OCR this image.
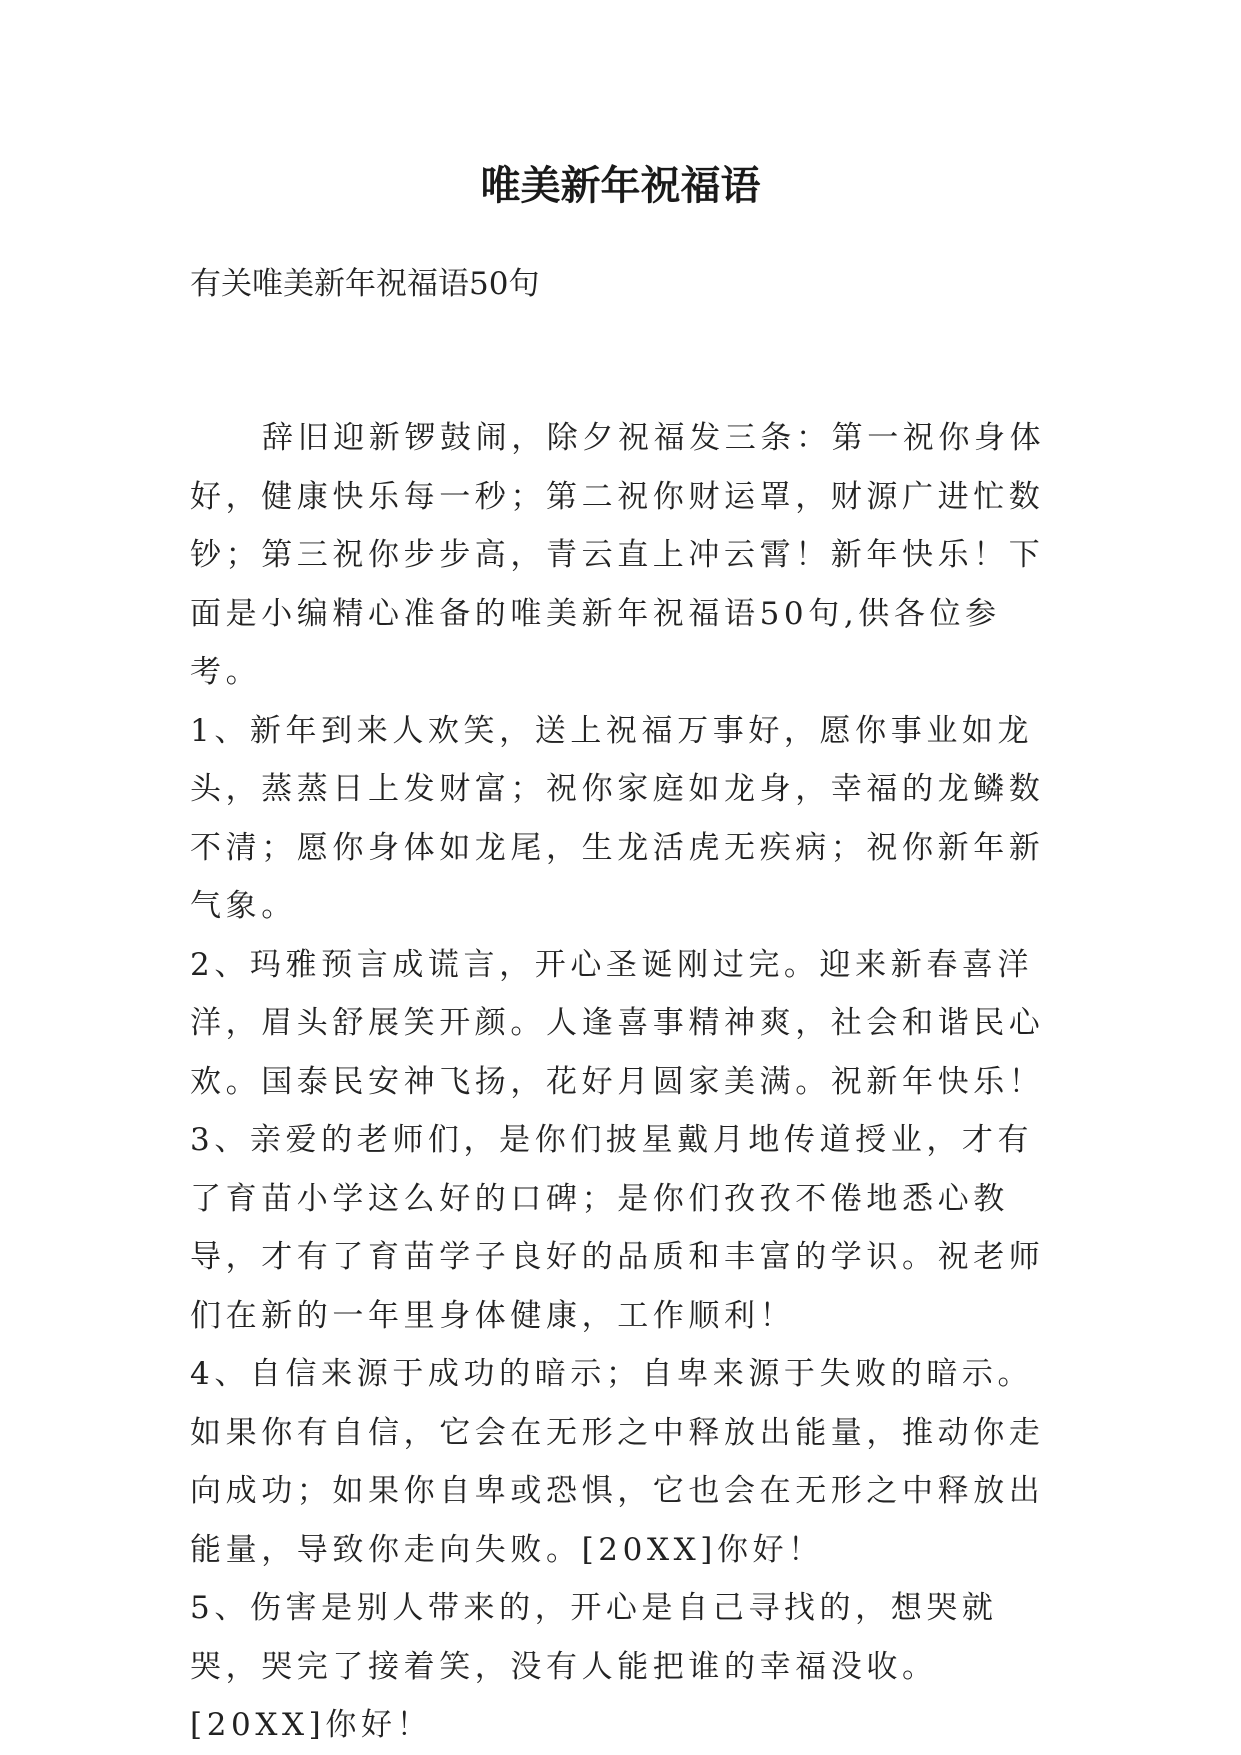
唯美新年祝福语
有关唯美新年祝福语50句

辞旧迎新锣鼓闹，除夕祝福发三条：第一祝你身体好，健康快乐每一秒；第二祝你财运罩，财源广进忙数钞；第三祝你步步高，青云直上冲云霄！新年快乐！下面是小编精心准备的唯美新年祝福语50句,供各位参考。

1、新年到来人欢笑，送上祝福万事好，愿你事业如龙头，蒸蒸日上发财富；祝你家庭如龙身，幸福的龙鳞数不清；愿你身体如龙尾，生龙活虎无疾病；祝你新年新气象。

2、玛雅预言成谎言，开心圣诞刚过完。迎来新春喜洋洋，眉头舒展笑开颜。人逢喜事精神爽，社会和谐民心欢。国泰民安神飞扬，花好月圆家美满。祝新年快乐！

3、亲爱的老师们，是你们披星戴月地传道授业，才有了育苗小学这么好的口碑；是你们孜孜不倦地悉心教导，才有了育苗学子良好的品质和丰富的学识。祝老师们在新的一年里身体健康，工作顺利！

4、自信来源于成功的暗示；自卑来源于失败的暗示。如果你有自信，它会在无形之中释放出能量，推动你走向成功；如果你自卑或恐惧，它也会在无形之中释放出能量，导致你走向失败。[20XX]你好！

5、伤害是别人带来的，开心是自己寻找的，想哭就哭，哭完了接着笑，没有人能把谁的幸福没收。[20XX]你好！
